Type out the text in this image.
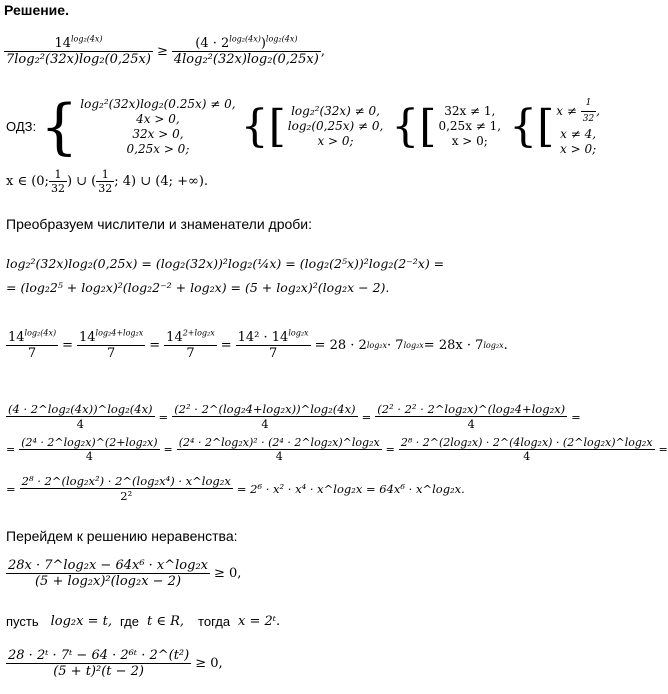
Решение.
$\frac{14^{log_2(4x)}}{\text{7log₂²(32x)log₂(0,25x)}} \ge \frac{(4 \cdot 2^{log_2(4x)})^{log_2(4x)}}{\text{4log₂²(32x)log₂(0,25x)}}$ ,
ОДЗ: { log₂²(32x)log₂(0.25x) ≠ 0,
4x > 0,
32x > 0,
0,25x > 0; {[ log₂²(32x) ≠ 0,
log₂(0,25x) ≠ 0,
x > 0; {[ 32x ≠ 1,
0,25x ≠ 1,
x > 0; {[ $x \ne \frac{1}{32}$ ,
x ≠ 4,
x > 0;
x ∈ (0; $\frac{1}{32}$ ) ∪ ( $\frac{1}{32}$ ; 4) ∪ (4; +∞).
Преобразуем числители и знаменатели дроби:
log₂²(32x)log₂(0,25x) = (log₂(32x))²log₂(¼x) = (log₂(2⁵x))²log₂(2⁻²x) =
= (log₂2⁵ + log₂x)²(log₂2⁻² + log₂x) = (5 + log₂x)²(log₂x − 2).
$\frac{14^{log_2(4x)}}{7} = \frac{14^{log_24+log_2x}}{7} = \frac{14^{2+log_2x}}{7} = \frac{14^2 \cdot 14^{log_2x}}{7} = 28 \cdot 2$ log₂x · 7 log₂x = 28x · 7 log₂x .
$\frac{\text{(4 · 2\textasciicircum{}log₂(4x))\textasciicircum{}log₂(4x)}}{4} = \frac{\text{(2² · 2\textasciicircum{}(log₂4+log₂x))\textasciicircum{}log₂(4x)}}{4} = \frac{\text{(2² · 2² · 2\textasciicircum{}log₂x)\textasciicircum{}(log₂4+log₂x)}}{4}$ =
= $\frac{\text{(2⁴ · 2\textasciicircum{}log₂x)\textasciicircum{}(2+log₂x)}}{4} = \frac{\text{(2⁴ · 2\textasciicircum{}log₂x)² · (2⁴ · 2\textasciicircum{}log₂x)\textasciicircum{}log₂x}}{4} = \frac{\text{2⁸ · 2\textasciicircum{}(2log₂x) · 2\textasciicircum{}(4log₂x) · (2\textasciicircum{}log₂x)\textasciicircum{}log₂x}}{4}$ =
= $\frac{\text{2⁸ · 2\textasciicircum{}(log₂x²) · 2\textasciicircum{}(log₂x⁴) · x\textasciicircum{}log₂x}}{\text{2²}} = 2^6 \cdot x^2 \cdot x^4$ · x^log₂x = 64x⁶ · x^log₂x.
Перейдем к решению неравенства:
$\frac{\text{28x · 7\textasciicircum{}log₂x − 64x⁶ · x\textasciicircum{}log₂x}}{\text{(5 + log₂x)²(log₂x − 2)}} \ge 0$,
пусть log₂x = t, где t ∈ R, тогда x = 2ᵗ.
$\frac{\text{28 · 2ᵗ · 7ᵗ − 64 · 2⁶ᵗ · 2\textasciicircum{}(t²)}}{\text{(5 + t)²(t − 2)}} \ge 0$,
